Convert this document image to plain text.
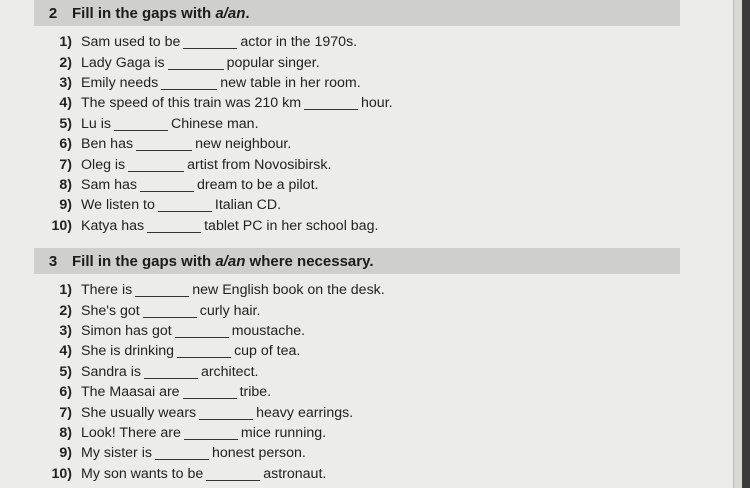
2 Fill in the gaps with a/an.
1) Sam used to be	actor in the 1970s.
2) Lady Gaga is	popular singer.
3) Emily needs	new table in her room.
4) The speed of this train was 210 km	hour.
5) Lu is	Chinese man.
6) Ben has	new neighbour.
7) Oleg is	artist from Novosibirsk.
8) Sam has	dream to be a pilot.
9) We listen to	Italian CD.
10) Katya has	tablet PC in her school bag.
3 Fill in the gaps with a/an where necessary.
1) There is	new English book on the desk.
2) She's got	curly hair.
3) Simon has got	moustache.
4) She is drinking	cup of tea.
5) Sandra is	architect.
6) The Maasai are	tribe.
7) She usually wears	heavy earrings.
8) Look! There are	mice running.
9) My sister is	honest person.
10) My son wants to be	astronaut.
